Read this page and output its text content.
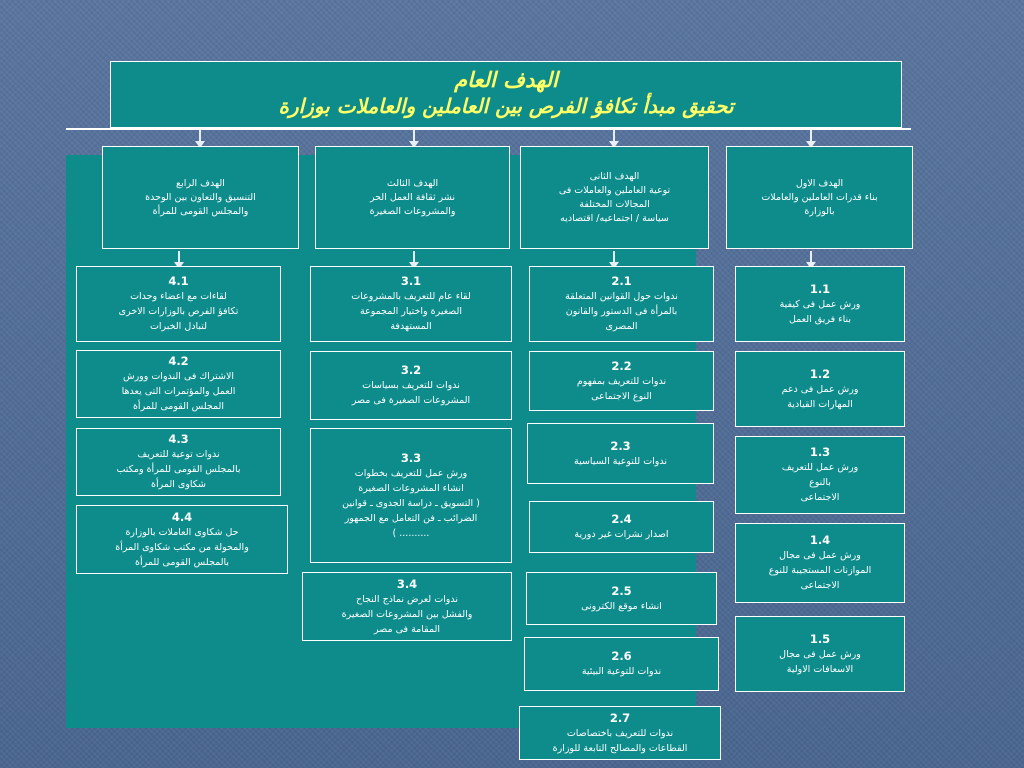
الهدف العام
تحقيق مبدأ تكافؤ الفرص بين العاملين والعاملات بوزارة
الهدف الاول
بناء قدرات العاملين والعاملات
بالوزارة
الهدف الثانى
توعية العاملين والعاملات فى
المجالات المختلفة
سياسة / اجتماعيه/ اقتصاديه
الهدف الثالث
نشر ثقافة العمل الحر
والمشروعات الصغيرة
الهدف الرابع
التنسيق والتعاون بين الوحدة
والمجلس القومى للمرأة
1.1
ورش عمل فى كيفية
بناء فريق العمل
1.2
ورش عمل فى دعم
المهارات القيادية
1.3
ورش عمل للتعريف
بالنوع
الاجتماعى
1.4
ورش عمل فى مجال
الموازنات المستجيبة للنوع
الاجتماعى
1.5
ورش عمل فى مجال
الاسعافات الاولية
2.1
ندوات حول القوانين المتعلقة
بالمرأة فى الدستور والقانون
المصرى
2.2
ندوات للتعريف بمفهوم
النوع الاجتماعى
2.3
ندوات للتوعية السياسية
2.4
اصدار نشرات غير دورية
2.5
انشاء موقع الكترونى
2.6
ندوات للتوعية البيئية
2.7
ندوات للتعريف باختصاصات
القطاعات والمصالح التابعة للوزارة
3.1
لقاء عام للتعريف بالمشروعات
الصغيرة واختيار المجموعة
المستهدفة
3.2
ندوات للتعريف بسياسات
المشروعات الصغيرة فى مصر
3.3
ورش عمل للتعريف بخطوات
انشاء المشروعات الصغيرة
( التسويق ـ دراسة الجدوى ـ قوانين
الضرائب ـ فن التعامل مع الجمهور
.......... )
3.4
ندوات لعرض نماذج النجاح
والفشل بين المشروعات الصغيرة
المقامة فى مصر
4.1
لقاءات مع اعضاء وحدات
تكافؤ الفرص بالوزارات الاخرى
لتبادل الخبرات
4.2
الاشتراك فى الندوات وورش
العمل والمؤتمرات التى يعدها
المجلس القومى للمرأة
4.3
ندوات توعية للتعريف
بالمجلس القومى للمرأة ومكتب
شكاوى المرأة
4.4
حل شكاوى العاملات بالوزارة
والمحولة من مكتب شكاوى المرأة
بالمجلس القومى للمرأة
